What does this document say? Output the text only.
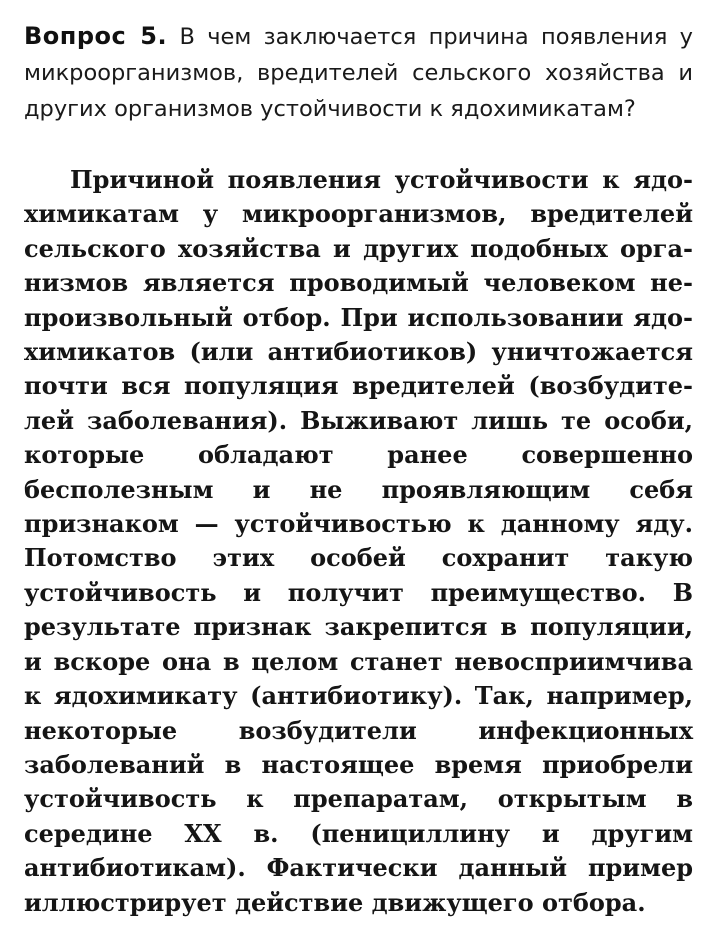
Вопрос 5. В чем заключается причина появления у микроорганизмов, вредителей сельского хозяйства и других организмов устойчивости к ядохимикатам?

Причиной появления устойчивости к ядохимикатам у микроорганизмов, вредителей сельского хозяйства и других подобных организмов является проводимый человеком непроизвольный отбор. При использовании ядохимикатов (или антибиотиков) уничтожается почти вся популяция вредителей (возбудителей заболевания). Выживают лишь те особи, которые обладают ранее совершенно бесполезным и не проявляющим себя признаком — устойчивостью к данному яду. Потомство этих особей сохранит такую устойчивость и получит преимущество. В результате признак закрепится в популяции, и вскоре она в целом станет невосприимчива к ядохимикату (антибиотику). Так, например, некоторые возбудители инфекционных заболеваний в настоящее время приобрели устойчивость к препаратам, открытым в середине XX в. (пенициллину и другим антибиотикам). Фактически данный пример иллюстрирует действие движущего отбора.
